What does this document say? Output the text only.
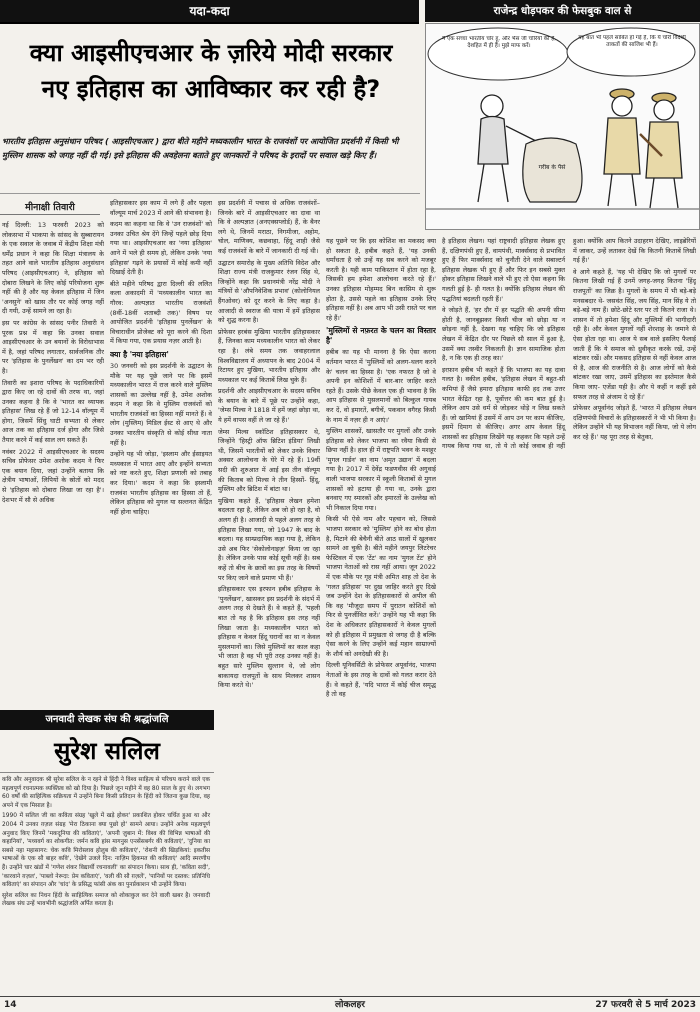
यदा-कदा	राजेन्द्र धोड़पकर की फेसबुक वाल से
क्या आइसीएचआर के ज़रिये मोदी सरकार
नए इतिहास का आविष्कार कर रही है?
भारतीय इतिहास अनुसंधान परिषद ( आइसीएचआर ) द्वारा बीते महीने मध्यकालीन भारत के राजवंशों पर आयोजित प्रदर्शनी में किसी भी मुस्लिम शासक को जगह नहीं दी गई। इसे इतिहास की अवहेलना बताते हुए जानकारों ने परिषद के इरादों पर सवाल खड़े किए हैं।
मैं एक सच्चा भारतीय चोर हूं, और भैंस जी चोरियों की हैं, देशहित में ही हैं। मुझे माफ करें।
यह बात भी पहले साबित हो गई है, कि ये चोरी विदेशी ताकतों की साजिश भी हैं।
गरीब के पैसे
मीनाक्षी तिवारी

नई दिल्ली: 13 फरवरी 2023 को लोकसभा में भाकपा के सांसद के सुब्बारायन के एक सवाल के जवाब में केंद्रीय शिक्षा मंत्री धर्मेंद्र प्रधान ने कहा कि शिक्षा मंत्रालय के तहत आने वाले भारतीय इतिहास अनुसंधान परिषद (आइसीएचआर) ने, इतिहास को दोबारा लिखने के लिए कोई परियोजना शुरू नहीं की है और यह केवल इतिहास में जिन 'अनसुने' को खास तौर पर कोई जगह नहीं दी गयी, उन्हें सामने ला रहा है।

इस पर कांग्रेस के सांसद पनीर तिवारी ने पूरक प्रश्न में कहा कि उनका सवाल आइसीएचआर के उन बयानों के विरोधाभास में है, जहां परिषद लगातार, सार्वजनिक तौर पर 'इतिहास के पुनर्लेखन' का दम भर रही है।

तिवारी का इशारा परिषद के पदाधिकारियों द्वारा किए जा रहे दावों की तरफ था, जहां उनका कहना है कि वे 'भारत का व्यापक इतिहास' लिख रहे हैं जो 12-14 वॉल्यूम में होगा, जिसमें सिंधु घाटी सभ्यता से लेकर आज तक का इतिहास दर्ज होगा और जिसे तैयार करने में कई साल लग सकते हैं।

नवंबर 2022 में आइसीएचआर के सदस्य सचिव प्रोफेसर उमेश अशोक कदम ने फिर एक बयान दिया, जहां उन्होंने बताया कि क्षेत्रीय भाषाओं, लिपियों के स्रोतों को मदद से 'इतिहास को दोबारा लिखा जा रहा है'। देशभर में सौ से अधिक

इतिहासकार इस काम में लगे हैं और पहला वॉल्यूम मार्च 2023 में आने की संभावना है।

कदम का कहना था कि वे 'उन राजवंशों' को उनका उचित श्रेय देंगे जिन्हें पहले छोड़ दिया गया था। आइसीएचआर का 'नया इतिहास' आने में भले ही समय हो, लेकिन उनके 'नया इतिहास' गढ़ने के प्रयासों में कोई कमी नहीं दिखाई देती है।

बीते महीने परिषद द्वारा दिल्ली की ललित कला अकादमी में 'मध्यकालीन भारत का गौरव: अल्पज्ञात भारतीय राजवंशों (8वीं-18वीं शताब्दी तक)' विषय पर आयोजित प्रदर्शनी 'इतिहास पुनर्लेखन' के विचाराधीन प्रोजेक्ट को पूरा करने की दिशा में किया गया, एक प्रयास नज़र आती है।

क्या है 'नया इतिहास'

30 जनवरी को इस प्रदर्शनी के उद्घाटन के मौके पर यह पूछे जाने पर कि इसमें मध्यकालीन भारत में राज करने वाले मुस्लिम शासकों का उल्लेख नहीं है, उमेश अशोक कदम ने कहा कि वे मुस्लिम राजवंशों को भारतीय राजवंशों का हिस्सा नहीं मानते हैं। वे लोग (मुस्लिम) मिडिल ईस्ट से आए थे और उनका भारतीय संस्कृति से कोई सीधा नाता नहीं है।

उन्होंने यह भी जोड़ा, 'इस्लाम और ईसाइयत मध्यकाल में भारत आए और इन्होंने सभ्यता को नष्ट करते हुए, शिक्षा प्रणाली को तबाह कर दिया।' कदम ने कहा कि इस्लामी राजवंश भारतीय इतिहास का हिस्सा तो हैं, लेकिन इतिहास को मुगल या सल्तनत केंद्रित नहीं होना चाहिए।

इस प्रदर्शनी में पचास से अधिक राजवंशों– जिनके बारे में आइसीएचआर का दावा था कि वे अल्पज्ञात (अनएक्सप्लोर्ड) हैं, के बैनर लगे थे, जिनमें मराठा, निगमीजा, अहोम, चोल, माणिक्य, कछवाहा, हिंदू शाही जैसे कई राजवंशों के बारे में जानकारी दी गई थी।

उद्घाटन समारोह के मुख्य अतिथि विदेश और शिक्षा राज्य मंत्री राजकुमार रंजन सिंह थे, जिन्होंने कहा कि प्रधानमंत्री नरेंद्र मोदी ने मंत्रियों से 'औपनिवेशिक प्रभाव' (कोलोनियल हैंगओवर) को दूर करने के लिए कहा है। आजादी से स्वराज की यात्रा में हमें इतिहास को शुद्ध करना है।

प्रोफेसर हरबंस मुखिया भारतीय इतिहासकार हैं, जिनका काम मध्यकालीन भारत को लेकर रहा है। लंबे समय तक जवाहरलाल विश्वविद्यालय में अध्यापन के बाद 2004 में रिटायर हुए मुखिया, भारतीय इतिहास और मध्यकाल पर कई किताबें लिख चुके हैं।

प्रदर्शनी और आइसीएचआर के सदस्य सचिव के बयान के बारे में पूछे पर उन्होंने कहा, 'जेम्स मिल्स ने 1818 में हमें जहां छोड़ा था, ये हमें वापस वहीं ले जा रहे हैं।'

जेम्स मिल्स स्कॉटिश इतिहासकार थे, जिन्होंने 'हिस्ट्री ऑफ ब्रिटिश इंडिया' लिखी थी, जिसमें भारतीयों को लेकर उनके विचार अक्सर आलोचना के घेरे में रहे हैं। 19वीं सदी की शुरुआत में आई इस तीन वॉल्यूम की किताब को मिल्स ने तीन हिस्सों- हिंदू, मुस्लिम और ब्रिटिश में बांटा था।

मुखिया कहते हैं, 'इतिहास लेखन हमेशा बदलता रहा है, लेकिन अब जो हो रहा है, वो अलग ही है। आजादी से पहले अलग तरह से इतिहास लिखा गया, जो 1947 के बाद के बदला। यह साम्प्रदायिक कहा गया है, लेकिन उसे अब फिर 'सेकोलोनाइज़' किया जा रहा है। लेकिन उनके पास कोई सूची नहीं है। सब कहें तो बीच के छात्रों का इस तरह के विषयों पर किए जाने वाले प्रमाण भी हैं।'

इतिहासकार एस इरफान हबीब इतिहास के 'पुनर्लेखन', खासकर इस प्रदर्शनी के संदर्भ में अलग तरह से देखते हैं। वे कहते हैं, 'पहली बात तो यह है कि इतिहास इस तरह नहीं लिखा जाता है। मध्यकालीन भारत को इतिहास न केवल हिंदू घरानों का था न केवल मुसलमानों का। जिसे मुस्लिमों का काल कहा भी जाता है वह भी पूरी तरह उनका नहीं है। बहुत सारे मुस्लिम सुल्तान थे, जो लोग बाकायदा राजपूतों के साथ मिलकर शासन किया करते थे।'

यह पूछने पर कि इस कोशिश का मकसद क्या हो सकता है, हबीब कहते हैं, 'यह उनकी धर्मांधता है जो उन्हें यह सब करने को मजबूर करती है। यही काम पाकिस्तान में होता रहा है, जिसकी हम हमेशा आलोचना करते रहे हैं।' उनका इतिहास मोहम्मद बिन कासिम से शुरू होता है, उससे पहले का इतिहास उनके लिए इतिहास नहीं है। अब आप भी उसी रास्ते पर चल रहे हैं।'

'मुस्लिमों से नफ़रत के चलन का विस्तार है'

हबीब का यह भी मानना है कि ऐसा करना वर्तमान भारत में 'मुस्लिमों को अलग-थलग करने के' चलन का हिस्सा है। 'एक नफरत है जो वे अपनी इन कोशिशों में बार-बार जाहिर करते रहते हैं। उसके पीछे केवल एक ही भावना है कि आप इतिहास से मुसलमानों को बिल्कुल गायब कर दें, वो इमारतें, बगीचें, पकवान वगैरह किसी के नाम में नज़र ही न आएं।'

मुस्लिम शासकों, खासतौर पर मुगलों और उनके इतिहास को लेकर भाजपा का रवैया किसी से छिपा नहीं है। हाल ही में राष्ट्रपति भवन के मशहूर 'मुगल गार्डन' का नाम 'अमृत उद्यान' में बदला गया है। 2017 में देवेंद्र फडणवीस की अगुवाई वाली भाजपा सरकार में स्कूली किताबों से मुगल शासकों को हटाया ही गया था, उनके द्वारा बनवाए गए स्मारकों और इमारतों के उल्लेख को भी निकाल दिया गया।

किसी भी ऐसे नाम और पहचान को, जिससे भाजपा सरकार को 'मुस्लिम' होने का बोध होता है, मिटाने की बेचैनी बीते आठ सालों में खुलकर सामने आ चुकी है। बीते महीने जयपुर लिटरेचर फेस्टिवल में एक 'टेंट' का नाम 'मुगल टेंट' होने भाजपा नेताओं को रास नहीं आया। जून 2022 में एक मौके पर गृह मंत्री अमित शाह तो देश के 'गलत इतिहास' पर दुख जाहिर करते हुए दिखे जब उन्होंने देश के इतिहासकारों से अपील की कि वह 'मौजूदा समय में पुरातन कोशिशें को फिर से पुनर्जीवित करें।' उन्होंने यह भी कहा कि देश के अधिकतर इतिहासकारों ने केवल मुगलों को ही इतिहास में प्रमुखता से जगह दी है बल्कि ऐसा करने के लिए उन्होंने कई महान साम्राज्यों के शौर्य को अनदेखी की है।

दिल्ली यूनिवर्सिटी के प्रोफेसर अपूर्वानंद, भाजपा नेताओं के इस तरह के दावों को गलत करार देते हैं। वे कहते हैं, 'यदि भारत में कोई चीज समृद्ध है तो वह

है इतिहास लेखन। यहां राष्ट्रवादी इतिहास लेखक हुए हैं, दक्षिणपंथी हुए हैं, वामपंथी, मार्क्सवाद से प्रभावित हुए हैं फिर मार्क्सवाद को चुनौती देने वाले सबाल्टर्न इतिहास लेखक भी हुए हैं और फिर इन सबसे मुक्त होकर इतिहास लिखने वाले भी हुए तो ऐसा कहना कि गलती हुई है- ही गलत है। क्योंकि इतिहास लेखन की पद्धतियां बदलती रहती हैं।'

वे जोड़ते हैं, 'हर दौर में हर पद्धति की अपनी सीमा होती है, जानबूझकर किसी चीज को छोड़ा या न छोड़ना नहीं है, देखना यह चाहिए कि जो इतिहास लेखन में केंद्रित दौर पर पिछले सौ साल में हुआ है, उसमें क्या तस्वीर निकलती है। ज्ञान सामाजिक होता है, न कि एक ही तरह का।'

इरफ़ान हबीब भी कहते हैं कि भाजपा का यह दावा गलत है। वकील हबीब, 'इतिहास लेखन में बहुत-सी कमियां हैं जैसे हमारा इतिहास काफी हद तक उत्तर भारत केंद्रित रहा है, पूर्वोत्तर की कम बात हुई है। लेकिन आप उसे धर्म से जोड़कर थोड़े न लिख सकते हैं। जो खामियां हैं उसमें में आप उन पर काम कीजिए, इसमें दिमाग से कीजिए। अगर आप केवल हिंदू शासकों का इतिहास लिखेंगे यह कहकर कि पहले उन्हें गायब किया गया था, तो ये तो कोई जवाब ही नहीं हुआ। क्योंकि आप कितने उदाहरण देखिए, लाइब्रेरियों में जाकर, उन्हें लताकर देखें कि कितनी किताबें लिखी गई हैं।'

वे आगे कहते हैं, 'यह भी देखिए कि जो मुगलों पर कितना लिखी गई हैं उनमें जगह-जगह कितना 'हिंदू राजपूतों' का जिक्र है। मुगलों के समय में भी बड़े-बड़े मनसबदार थे- जसवंत सिंह, जय सिंह, मान सिंह ये तो बड़े-बड़े नाम हैं। छोटे-छोटे स्तर पर तो कितने राजा थे। शासन में तो हमेशा हिंदू और मुस्लिमों की भागीदारी रही है। और केवल मुगलों नहीं शेरशाह के जमाने से ऐसा होता रहा था। आज ये सब वाले इसलिए फैलाई जाती हैं कि ये समाज को ध्रुवीकृत करके रखें, उन्हें बांटकर रखें। और मकसद इतिहास से नहीं केवल आज से है, आज की राजनीति से है। आज लोगों को कैसे बांटकर रखा जाए, उसमें इतिहास का इस्तेमाल कैसे किया जाए- एजेंडा यही है। और ये कहीं न कहीं इसे सफल तरह से अंजाम दे रहे हैं।'

प्रोफेसर अपूर्वानंद जोड़ते हैं, 'भारत में इतिहास लेखन दक्षिणपंथी विचारों के इतिहासकारों ने भी भी किया है। लेकिन उन्होंने भी यह विभाजन नहीं किया, जो ये लोग कर रहे हैं।' यह पूरा तरह से बेतुका,

जनवादी लेखक संघ की श्रद्धांजलि
सुरेश सलिल

कवि और अनुवादक श्री सुरेश सलिल के न रहने से हिंदी ने विश्व साहित्य से परिचय कराने वाले एक महत्वपूर्ण रचनात्मक व्यक्तित्व को खो दिया है। पिछले जून महीने में वह 80 साल के हुए थे। लगभग 60 वर्षों की साहित्यिक सक्रियता में उन्होंने बिना किसी प्रतिदान के हिंदी को जितना कुछ दिया, वह अपने में एक मिसाल है।

1990 में सलिल जी का कविता संग्रह 'खुले में खड़े होकर' प्रकाशित होकर चर्चित हुआ था और 2004 में उनका ग़ज़ल संग्रह 'मेरा ठिकाना क्या पूछो हो' सामने आया। उन्होंने अनेक महत्वपूर्ण अनुवाद किए जिनमें 'मकदूनिया की कविताएं', 'अपनी ज़ुबान में: विश्व की विभिन्न भाषाओं की कहानियां', 'मध्यवर्ग का शोकगीत: जर्मन कवि हांस मागनुस एन्त्सेंसबर्गर की कविताएं', 'दुनिया का सबसे नहा महासागर: चेक कवि मिरोस्लाव होलुब की कविताएं', 'रोशनी की खिड़कियां: इकतीस भाषाओं के एक सौ बाहर कवि', 'देखेंगे उजले दिन: नाज़िम हिकमत की कविताएं' आदि स्मरणीय हैं। उन्होंने चार खंडों में 'गणेश शंकर विद्यार्थी रचनावली' का संपादन किया। साथ ही, 'कविता सदी', 'कारवाने ग़ज़ल', 'पाब्लो नेरूदा: प्रेम कविताएं', 'वली की सौ ग़ज़लें', 'पानियों पर दस्तक: प्रतिनिधि कविताएं' का संपादन और 'चांद' के प्रसिद्ध फांसी अंक का पुनर्प्रकाशन भी उन्होंने किया।

सुरेश सलिल का निधन हिंदी के साहित्यिक समाज को शोकाकुल कर देने वाली खबर है। जनवादी लेखक संघ उन्हें भावभीनी श्रद्धांजलि अर्पित करता है।

14	लोकलहर	27 फरवरी से 5 मार्च 2023
